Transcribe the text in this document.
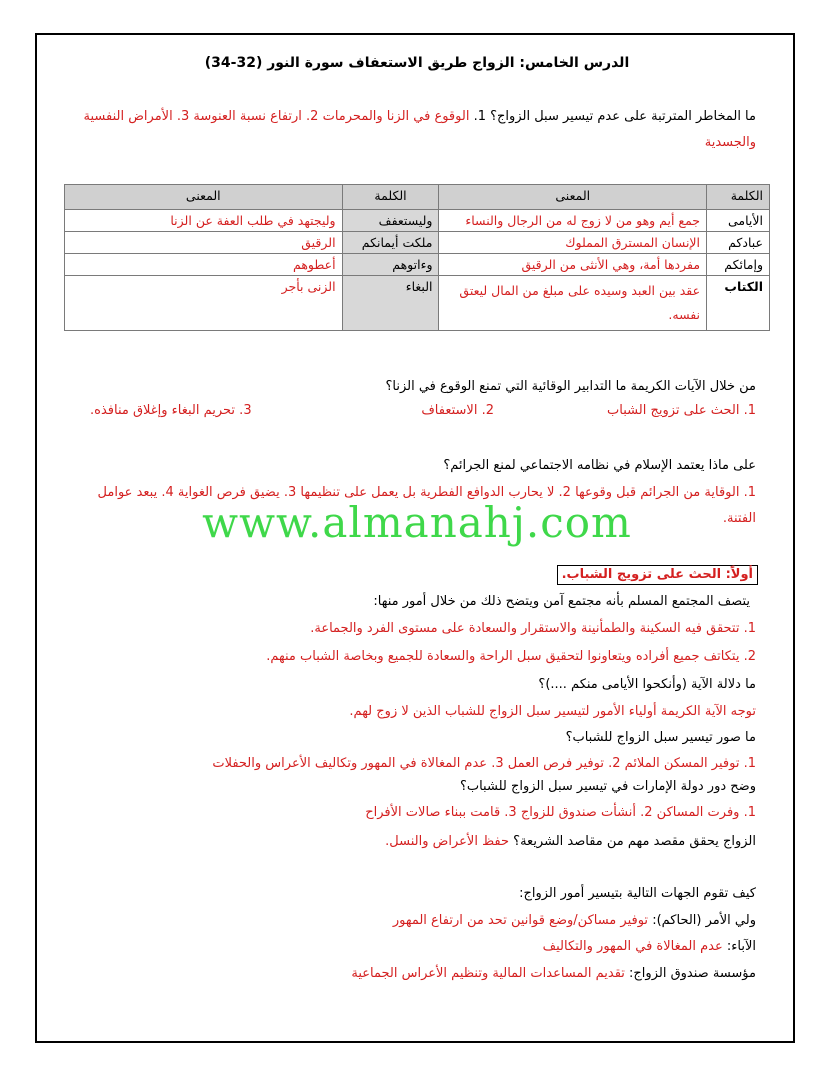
الدرس الخامس: الزواج طريق الاستعفاف سورة النور (32-34)
ما المخاطر المترتبة على عدم تيسير سبل الزواج؟ 1. الوقوع في الزنا والمحرمات 2. ارتفاع نسبة العنوسة 3. الأمراض النفسية
والجسدية
الكلمة	المعنى	الكلمة	المعنى
الأيامى	جمع أيم وهو من لا زوج له من الرجال والنساء	وليستعفف	وليجتهد في طلب العفة عن الزنا
عبادكم	الإنسان المسترق المملوك	ملكت أيمانكم	الرقيق
وإمائكم	مفردها أمة، وهي الأنثى من الرقيق	وءاتوهم	أعطوهم
الكتاب	عقد بين العبد وسيده على مبلغ من المال ليعتق نفسه.	البغاء	الزنى بأجر
من خلال الآيات الكريمة ما التدابير الوقائية التي تمنع الوقوع في الزنا؟
1. الحث على تزويج الشباب
2. الاستعفاف
3. تحريم البغاء وإغلاق منافذه.
على ماذا يعتمد الإسلام في نظامه الاجتماعي لمنع الجرائم؟
1. الوقاية من الجرائم قبل وقوعها 2. لا يحارب الدوافع الفطرية بل يعمل على تنظيمها 3. يضيق فرص الغواية 4. يبعد عوامل
الفتنة.
www.almanahj.com
أولاً: الحث على تزويج الشباب.
يتصف المجتمع المسلم بأنه مجتمع آمن ويتضح ذلك من خلال أمور منها:
1. تتحقق فيه السكينة والطمأنينة والاستقرار والسعادة على مستوى الفرد والجماعة.
2. يتكاتف جميع أفراده ويتعاونوا لتحقيق سبل الراحة والسعادة للجميع وبخاصة الشباب منهم.
ما دلالة الآية (وأنكحوا الأيامى منكم ....)؟
توجه الآية الكريمة أولياء الأمور لتيسير سبل الزواج للشباب الذين لا زوج لهم.
ما صور تيسير سبل الزواج للشباب؟
1. توفير المسكن الملائم 2. توفير فرص العمل 3. عدم المغالاة في المهور وتكاليف الأعراس والحفلات
وضح دور دولة الإمارات في تيسير سبل الزواج للشباب؟
1. وفرت المساكن 2. أنشأت صندوق للزواج 3. قامت ببناء صالات الأفراح
الزواج يحقق مقصد مهم من مقاصد الشريعة؟ حفظ الأعراض والنسل.
كيف تقوم الجهات التالية بتيسير أمور الزواج:
ولي الأمر (الحاكم): توفير مساكن/وضع قوانين تحد من ارتفاع المهور
الآباء: عدم المغالاة في المهور والتكاليف
مؤسسة صندوق الزواج: تقديم المساعدات المالية وتنظيم الأعراس الجماعية
